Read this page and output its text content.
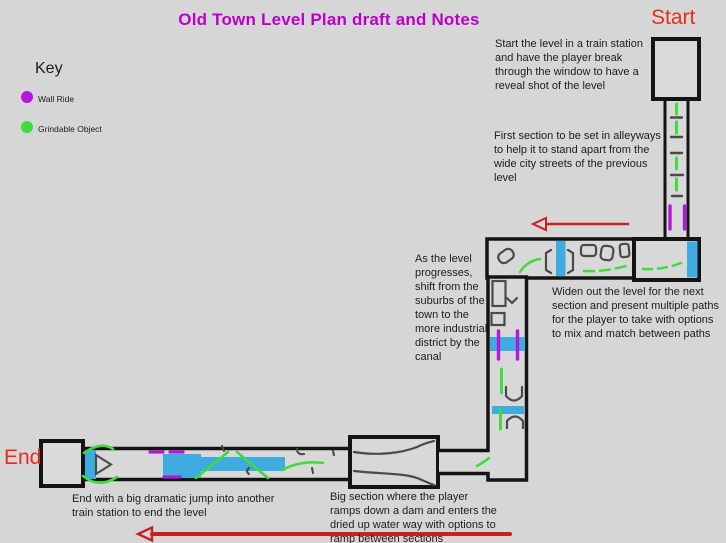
Old Town Level Plan draft and Notes
Key
Wall Ride
Grindable Object
Start
End
Start the level in a train station and have the player break through the window to have a reveal shot of the level
First section to be set in alleyways to help it to stand apart from the wide city streets of the previous level
Widen out the level for the next section and present multiple paths for the player to take with options to mix and match between paths
As the level progresses, shift from the suburbs of the town to the more industrial district by the canal
End with a big dramatic jump into another train station to end the level
Big section where the player ramps down a dam and enters the dried up water way with options to ramp between sections
